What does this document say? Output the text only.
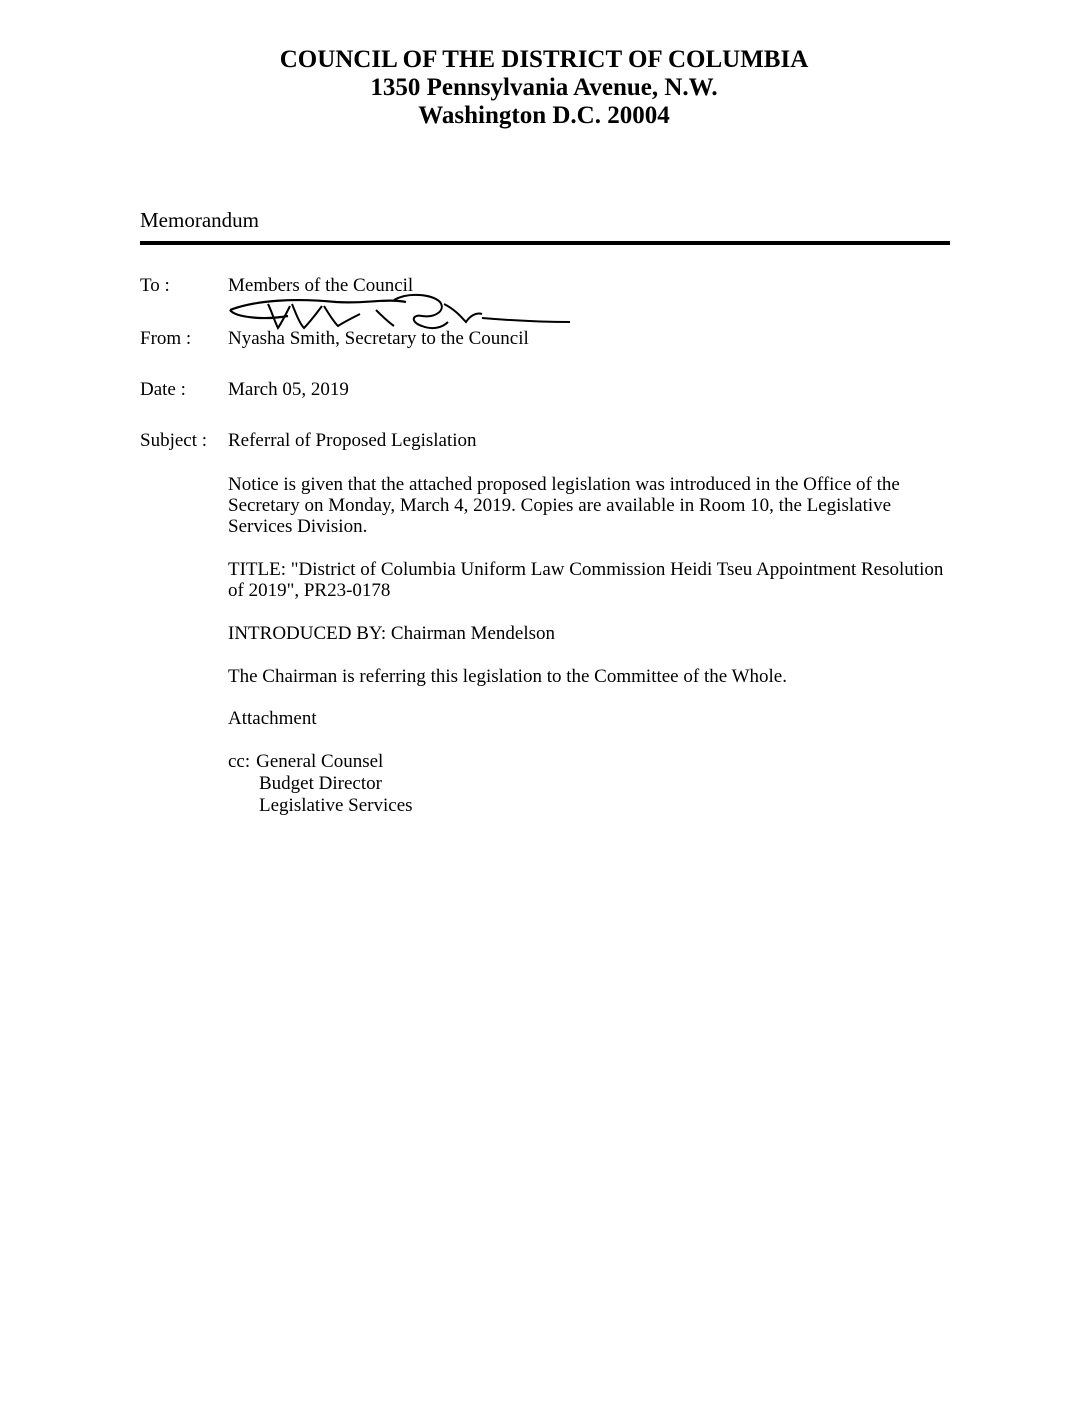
COUNCIL OF THE DISTRICT OF COLUMBIA
1350 Pennsylvania Avenue, N.W.
Washington D.C. 20004
Memorandum
To :	Members of the Council
From : Nyasha Smith, Secretary to the Council
Date : March 05, 2019
Subject : Referral of Proposed Legislation
Notice is given that the attached proposed legislation was introduced in the Office of the Secretary on Monday, March 4, 2019. Copies are available in Room 10, the Legislative Services Division.
TITLE: "District of Columbia Uniform Law Commission Heidi Tseu Appointment Resolution of 2019", PR23-0178
INTRODUCED BY: Chairman Mendelson
The Chairman is referring this legislation to the Committee of the Whole.
Attachment
cc: General Counsel
Budget Director
Legislative Services
